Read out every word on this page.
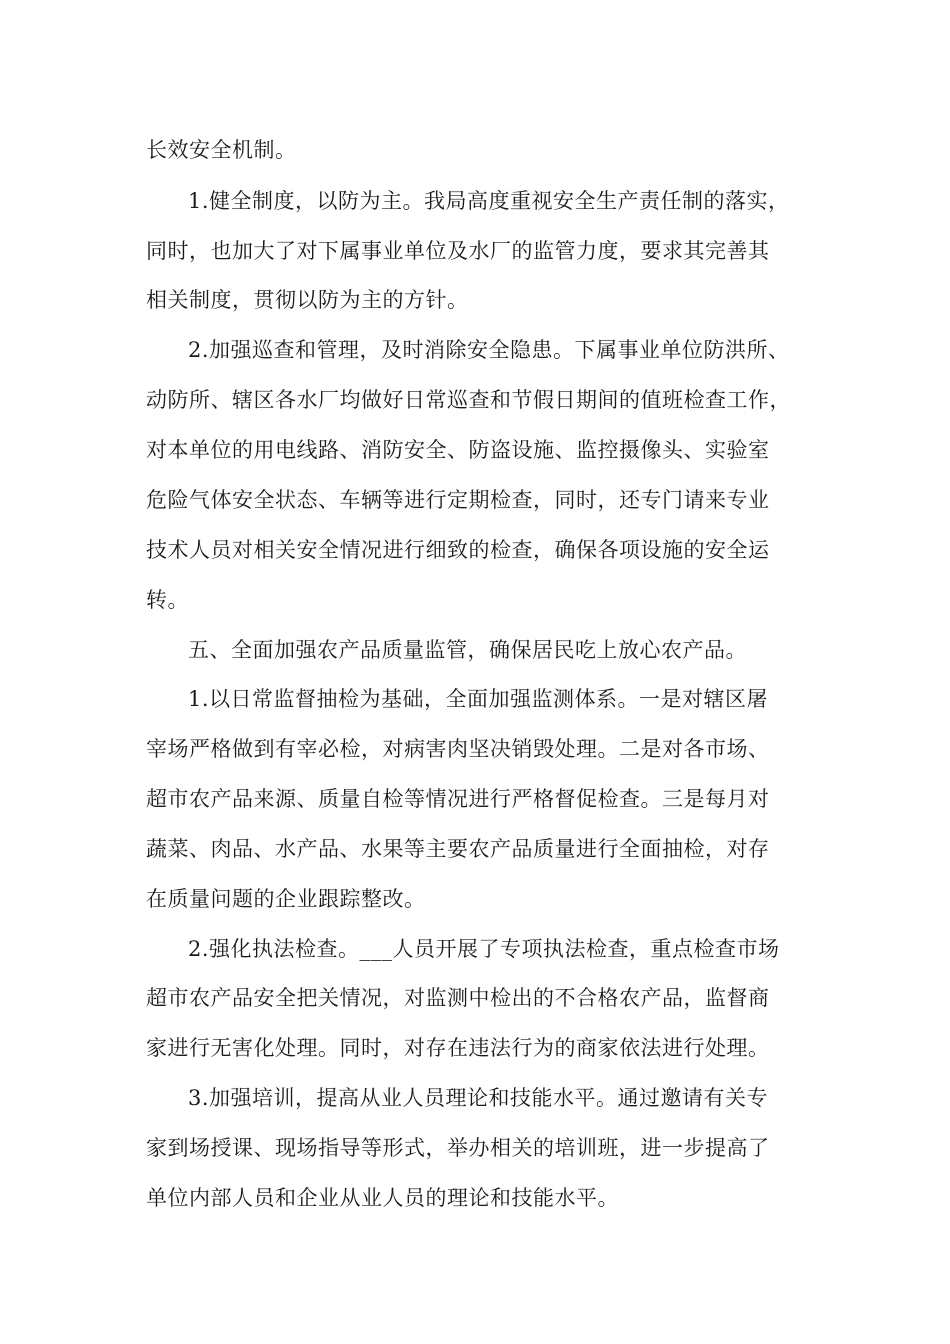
长效安全机制。
1.健全制度，以防为主。我局高度重视安全生产责任制的落实，
同时，也加大了对下属事业单位及水厂的监管力度，要求其完善其
相关制度，贯彻以防为主的方针。
2.加强巡查和管理，及时消除安全隐患。下属事业单位防洪所、
动防所、辖区各水厂均做好日常巡查和节假日期间的值班检查工作，
对本单位的用电线路、消防安全、防盗设施、监控摄像头、实验室
危险气体安全状态、车辆等进行定期检查，同时，还专门请来专业
技术人员对相关安全情况进行细致的检查，确保各项设施的安全运
转。
五、全面加强农产品质量监管，确保居民吃上放心农产品。
1.以日常监督抽检为基础，全面加强监测体系。一是对辖区屠
宰场严格做到有宰必检，对病害肉坚决销毁处理。二是对各市场、
超市农产品来源、质量自检等情况进行严格督促检查。三是每月对
蔬菜、肉品、水产品、水果等主要农产品质量进行全面抽检，对存
在质量问题的企业跟踪整改。
2.强化执法检查。___人员开展了专项执法检查，重点检查市场
超市农产品安全把关情况，对监测中检出的不合格农产品，监督商
家进行无害化处理。同时，对存在违法行为的商家依法进行处理。
3.加强培训，提高从业人员理论和技能水平。通过邀请有关专
家到场授课、现场指导等形式，举办相关的培训班，进一步提高了
单位内部人员和企业从业人员的理论和技能水平。
